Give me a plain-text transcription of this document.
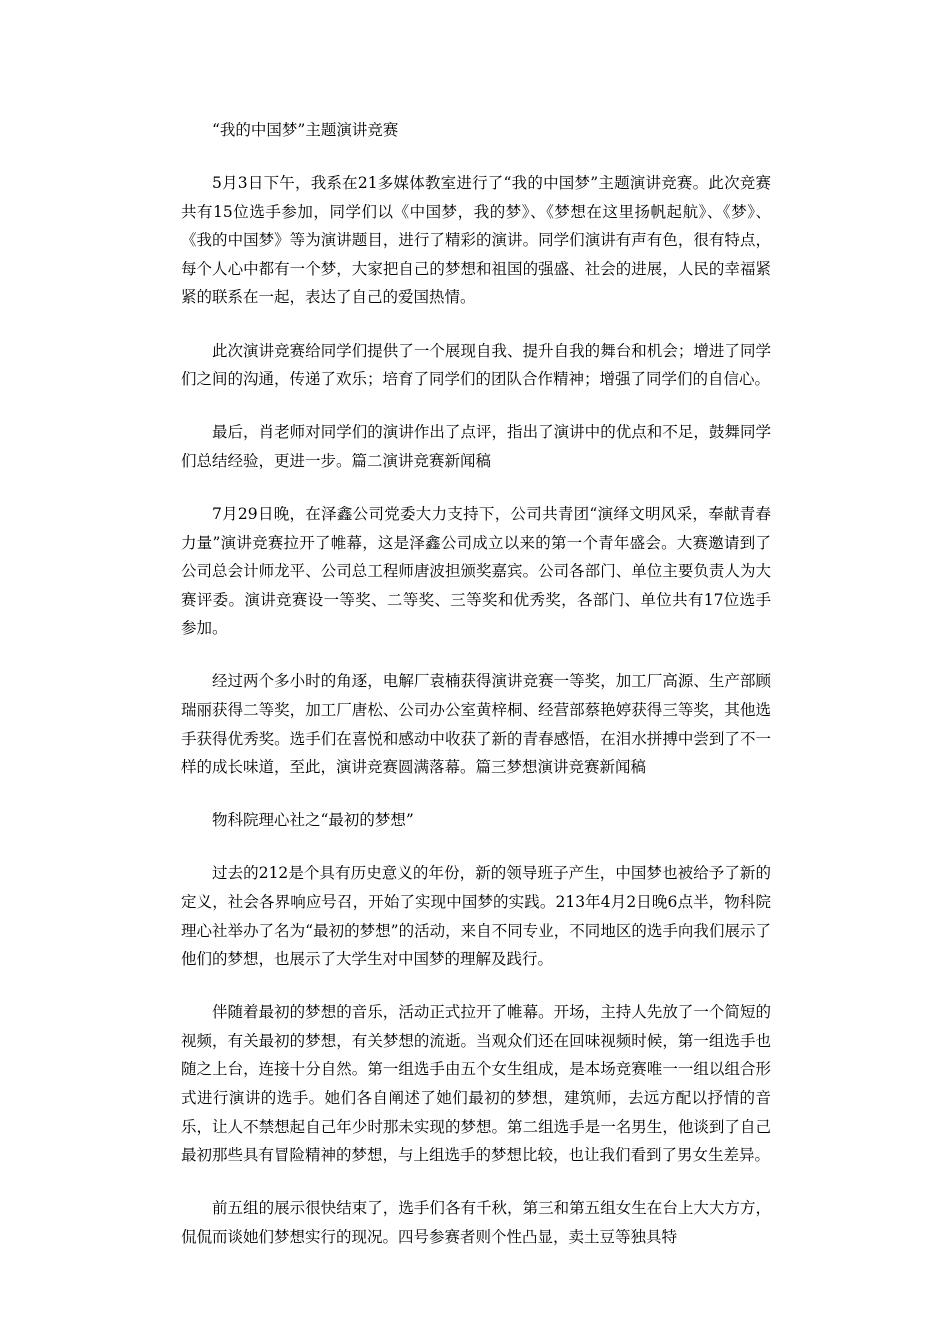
“我的中国梦”主题演讲竞赛

5月3日下午，我系在21多媒体教室进行了“我的中国梦”主题演讲竞赛。此次竞赛共有15位选手参加，同学们以《中国梦，我的梦》、《梦想在这里扬帆起航》、《梦》、《我的中国梦》等为演讲题目，进行了精彩的演讲。同学们演讲有声有色，很有特点，每个人心中都有一个梦，大家把自己的梦想和祖国的强盛、社会的进展，人民的幸福紧紧的联系在一起，表达了自己的爱国热情。

此次演讲竞赛给同学们提供了一个展现自我、提升自我的舞台和机会；增进了同学们之间的沟通，传递了欢乐；培育了同学们的团队合作精神；增强了同学们的自信心。

最后，肖老师对同学们的演讲作出了点评，指出了演讲中的优点和不足，鼓舞同学们总结经验，更进一步。篇二演讲竞赛新闻稿

7月29日晚，在泽鑫公司党委大力支持下，公司共青团“演绎文明风采，奉献青春力量”演讲竞赛拉开了帷幕，这是泽鑫公司成立以来的第一个青年盛会。大赛邀请到了公司总会计师龙平、公司总工程师唐波担颁奖嘉宾。公司各部门、单位主要负责人为大赛评委。演讲竞赛设一等奖、二等奖、三等奖和优秀奖，各部门、单位共有17位选手参加。

经过两个多小时的角逐，电解厂袁楠获得演讲竞赛一等奖，加工厂高源、生产部顾瑞丽获得二等奖，加工厂唐松、公司办公室黄梓桐、经营部蔡艳婷获得三等奖，其他选手获得优秀奖。选手们在喜悦和感动中收获了新的青春感悟，在泪水拼搏中尝到了不一样的成长味道，至此，演讲竞赛圆满落幕。篇三梦想演讲竞赛新闻稿

物科院理心社之“最初的梦想”

过去的212是个具有历史意义的年份，新的领导班子产生，中国梦也被给予了新的定义，社会各界响应号召，开始了实现中国梦的实践。213年4月2日晚6点半，物科院理心社举办了名为“最初的梦想”的活动，来自不同专业，不同地区的选手向我们展示了他们的梦想，也展示了大学生对中国梦的理解及践行。

伴随着最初的梦想的音乐，活动正式拉开了帷幕。开场，主持人先放了一个简短的视频，有关最初的梦想，有关梦想的流逝。当观众们还在回味视频时候，第一组选手也随之上台，连接十分自然。第一组选手由五个女生组成，是本场竞赛唯一一组以组合形式进行演讲的选手。她们各自阐述了她们最初的梦想，建筑师，去远方配以抒情的音乐，让人不禁想起自己年少时那未实现的梦想。第二组选手是一名男生，他谈到了自己最初那些具有冒险精神的梦想，与上组选手的梦想比较，也让我们看到了男女生差异。

前五组的展示很快结束了，选手们各有千秋，第三和第五组女生在台上大大方方，侃侃而谈她们梦想实行的现况。四号参赛者则个性凸显，卖土豆等独具特
